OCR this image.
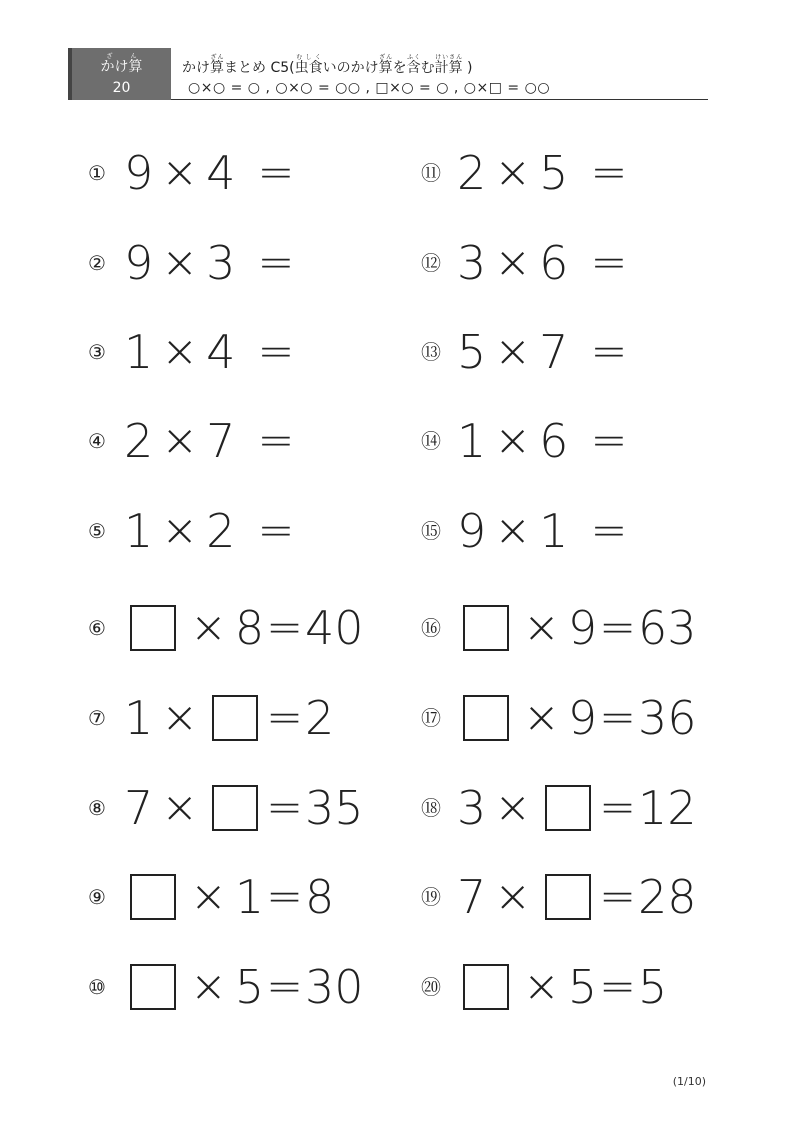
かけ算ざん
20
かけ算ざんまとめ C5(虫食むしくいのかけ算ざんを含ふくむ計算けいさん )
○×○ = ○ , ○×○ = ○○ , □×○ = ○ , ○×□ = ○○
① 9 × 4 =
② 9 × 3 =
③ 1 × 4 =
④ 2 × 7 =
⑤ 1 × 2 =
⑥	× 8 = 40
⑦ 1 × = 2
⑧ 7 × = 35
⑨	× 1 = 8
⑩	× 5 = 30
⑪ 2 × 5 =
⑫ 3 × 6 =
⑬ 5 × 7 =
⑭ 1 × 6 =
⑮ 9 × 1 =
⑯	× 9 = 63
⑰	× 9 = 36
⑱ 3 × = 12
⑲ 7 × = 28
⑳	× 5 = 5
(1/10)
